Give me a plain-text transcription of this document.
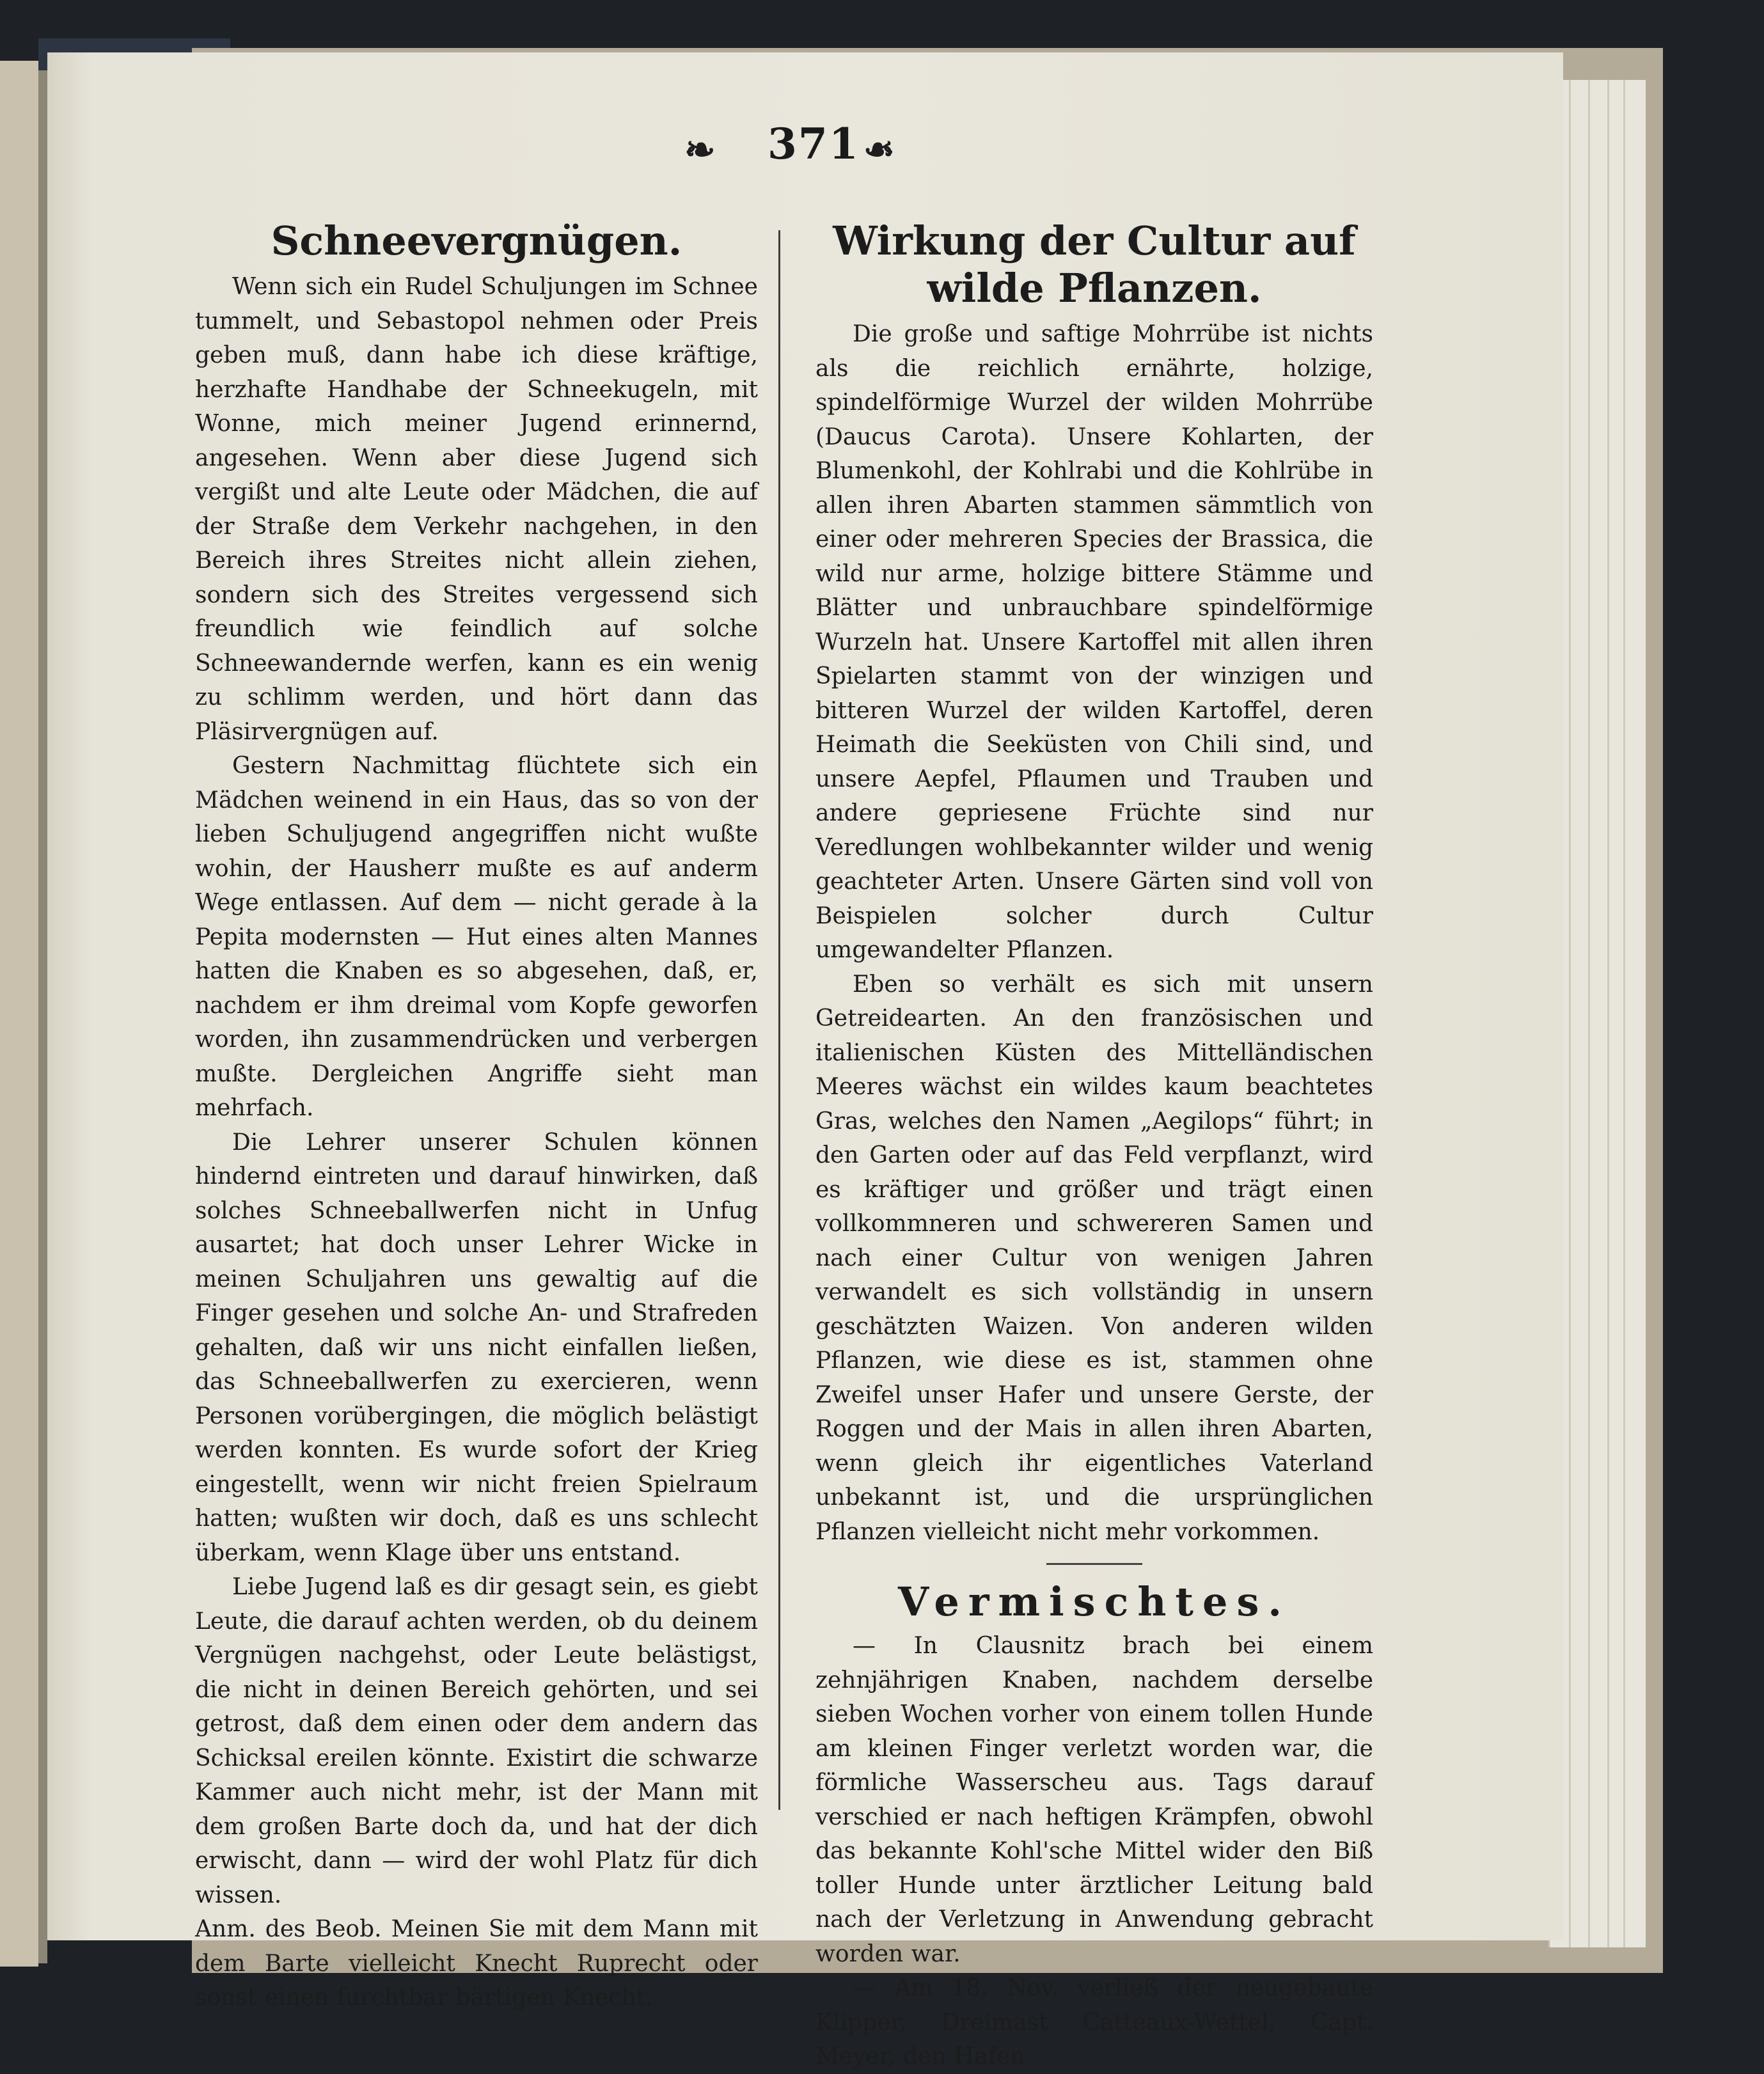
❧ 371 ❧
Schneevergnügen.

Wenn sich ein Rudel Schuljungen im Schnee tummelt, und Sebastopol nehmen oder Preis geben muß, dann habe ich diese kräftige, herzhafte Handhabe der Schneekugeln, mit Wonne, mich meiner Jugend erinnernd, angesehen. Wenn aber diese Jugend sich vergißt und alte Leute oder Mädchen, die auf der Straße dem Verkehr nachgehen, in den Bereich ihres Streites nicht allein ziehen, sondern sich des Streites vergessend sich freundlich wie feindlich auf solche Schneewandernde werfen, kann es ein wenig zu schlimm werden, und hört dann das Pläsirvergnügen auf.

Gestern Nachmittag flüchtete sich ein Mädchen weinend in ein Haus, das so von der lieben Schuljugend angegriffen nicht wußte wohin, der Hausherr mußte es auf anderm Wege entlassen. Auf dem — nicht gerade à la Pepita modernsten — Hut eines alten Mannes hatten die Knaben es so abgesehen, daß, er, nachdem er ihm dreimal vom Kopfe geworfen worden, ihn zusammendrücken und verbergen mußte. Dergleichen Angriffe sieht man mehrfach.

Die Lehrer unserer Schulen können hindernd eintreten und darauf hinwirken, daß solches Schneeballwerfen nicht in Unfug ausartet; hat doch unser Lehrer Wicke in meinen Schuljahren uns gewaltig auf die Finger gesehen und solche An- und Strafreden gehalten, daß wir uns nicht einfallen ließen, das Schneeballwerfen zu exercieren, wenn Personen vorübergingen, die möglich belästigt werden konnten. Es wurde sofort der Krieg eingestellt, wenn wir nicht freien Spielraum hatten; wußten wir doch, daß es uns schlecht überkam, wenn Klage über uns entstand.

Liebe Jugend laß es dir gesagt sein, es giebt Leute, die darauf achten werden, ob du deinem Vergnügen nachgehst, oder Leute belästigst, die nicht in deinen Bereich gehörten, und sei getrost, daß dem einen oder dem andern das Schicksal ereilen könnte. Existirt die schwarze Kammer auch nicht mehr, ist der Mann mit dem großen Barte doch da, und hat der dich erwischt, dann — wird der wohl Platz für dich wissen.

Anm. des Beob. Meinen Sie mit dem Mann mit dem Barte vielleicht Knecht Ruprecht oder sonst einen furchtbar bärtigen Knecht.

Wirkung der Cultur auf wilde Pflanzen.

Die große und saftige Mohrrübe ist nichts als die reichlich ernährte, holzige, spindelförmige Wurzel der wilden Mohrrübe (Daucus Carota). Unsere Kohlarten, der Blumenkohl, der Kohlrabi und die Kohlrübe in allen ihren Abarten stammen sämmtlich von einer oder mehreren Species der Brassica, die wild nur arme, holzige bittere Stämme und Blätter und unbrauchbare spindelförmige Wurzeln hat. Unsere Kartoffel mit allen ihren Spielarten stammt von der winzigen und bitteren Wurzel der wilden Kartoffel, deren Heimath die Seeküsten von Chili sind, und unsere Aepfel, Pflaumen und Trauben und andere gepriesene Früchte sind nur Veredlungen wohlbekannter wilder und wenig geachteter Arten. Unsere Gärten sind voll von Beispielen solcher durch Cultur umgewandelter Pflanzen.

Eben so verhält es sich mit unsern Getreidearten. An den französischen und italienischen Küsten des Mittelländischen Meeres wächst ein wildes kaum beachtetes Gras, welches den Namen „Aegilops“ führt; in den Garten oder auf das Feld verpflanzt, wird es kräftiger und größer und trägt einen vollkommneren und schwereren Samen und nach einer Cultur von wenigen Jahren verwandelt es sich vollständig in unsern geschätzten Waizen. Von anderen wilden Pflanzen, wie diese es ist, stammen ohne Zweifel unser Hafer und unsere Gerste, der Roggen und der Mais in allen ihren Abarten, wenn gleich ihr eigentliches Vaterland unbekannt ist, und die ursprünglichen Pflanzen vielleicht nicht mehr vorkommen.

Vermischtes.

— In Clausnitz brach bei einem zehnjährigen Knaben, nachdem derselbe sieben Wochen vorher von einem tollen Hunde am kleinen Finger verletzt worden war, die förmliche Wasserscheu aus. Tags darauf verschied er nach heftigen Krämpfen, obwohl das bekannte Kohl'sche Mittel wider den Biß toller Hunde unter ärztlicher Leitung bald nach der Verletzung in Anwendung gebracht worden war.

— Am 18. Nov. verließ der neugebaute Klipper, Dreimast Catteaux-Wettel, Capt. Meyer, den Hafen
